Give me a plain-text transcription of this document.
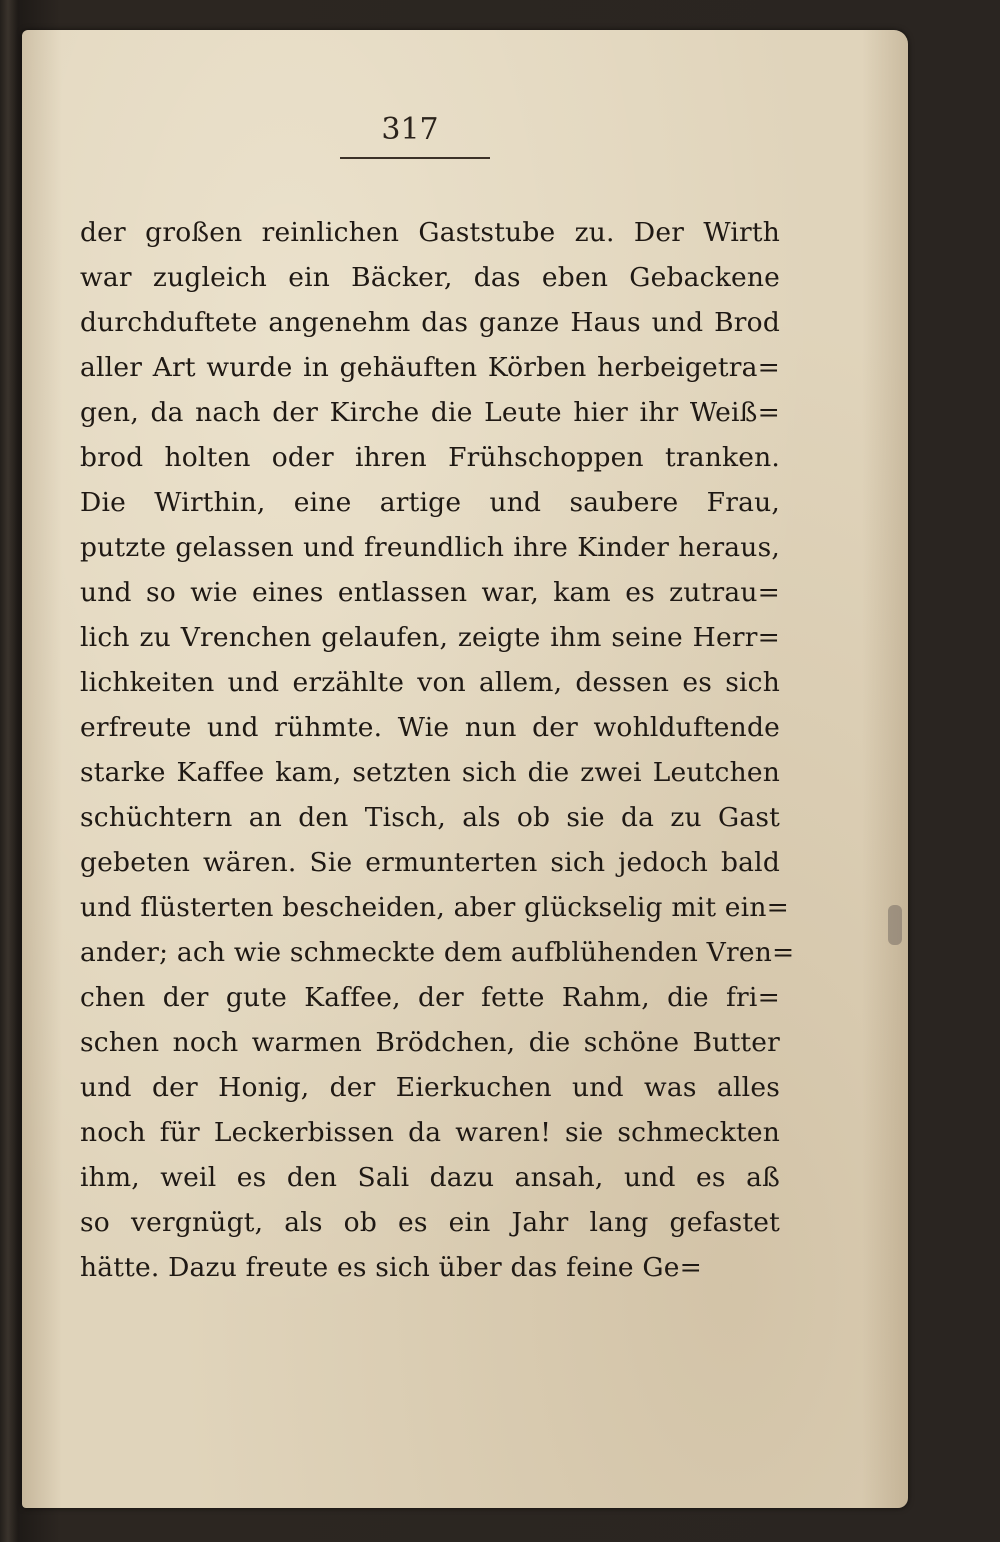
317
der großen reinlichen Gaststube zu. Der Wirth
war zugleich ein Bäcker, das eben Gebackene
durchduftete angenehm das ganze Haus und Brod
aller Art wurde in gehäuften Körben herbeigetra=
gen, da nach der Kirche die Leute hier ihr Weiß=
brod holten oder ihren Frühschoppen tranken.
Die Wirthin, eine artige und saubere Frau,
putzte gelassen und freundlich ihre Kinder heraus,
und so wie eines entlassen war, kam es zutrau=
lich zu Vrenchen gelaufen, zeigte ihm seine Herr=
lichkeiten und erzählte von allem, dessen es sich
erfreute und rühmte. Wie nun der wohlduftende
starke Kaffee kam, setzten sich die zwei Leutchen
schüchtern an den Tisch, als ob sie da zu Gast
gebeten wären. Sie ermunterten sich jedoch bald
und flüsterten bescheiden, aber glückselig mit ein=
ander; ach wie schmeckte dem aufblühenden Vren=
chen der gute Kaffee, der fette Rahm, die fri=
schen noch warmen Brödchen, die schöne Butter
und der Honig, der Eierkuchen und was alles
noch für Leckerbissen da waren! sie schmeckten
ihm, weil es den Sali dazu ansah, und es aß
so vergnügt, als ob es ein Jahr lang gefastet
hätte. Dazu freute es sich über das feine Ge=
